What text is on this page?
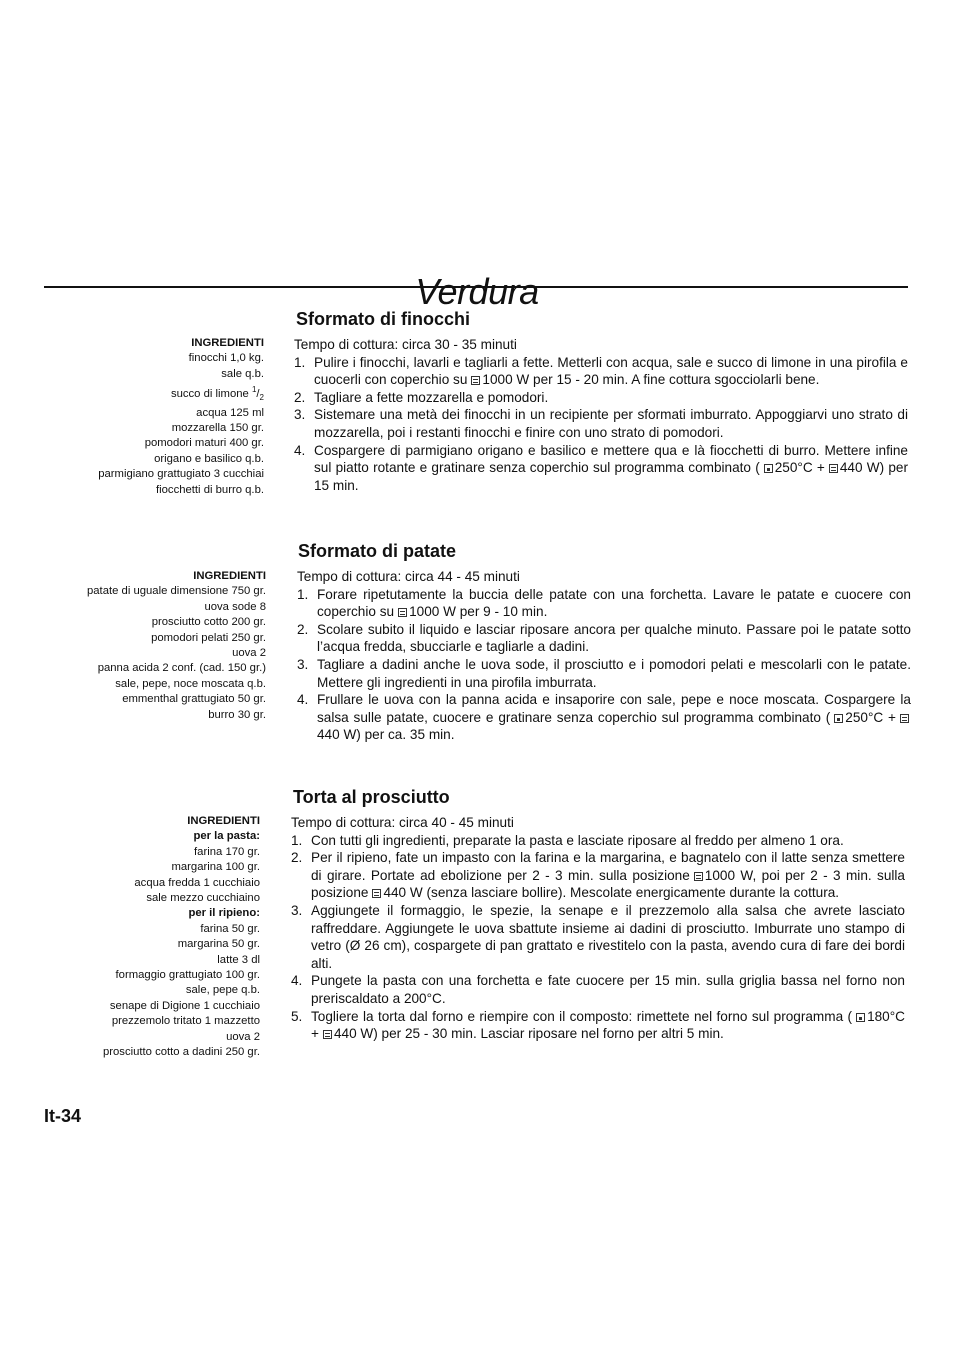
Verdura
Sformato di finocchi
INGREDIENTI
finocchi 1,0 kg.
sale q.b.
succo di limone $^1/_2$
acqua 125 ml
mozzarella 150 gr.
pomodori maturi 400 gr.
origano e basilico q.b.
parmigiano grattugiato 3 cucchiai
fiocchetti di burro q.b.
Tempo di cottura: circa 30 - 35 minuti
1. Pulire i finocchi, lavarli e tagliarli a fette. Metterli con acqua, sale e succo di limone in una pirofila e cuocerli con coperchio su 1000 W per 15 - 20 min. A fine cottura sgocciolarli bene.
2. Tagliare a fette mozzarella e pomodori.
3. Sistemare una metà dei finocchi in un recipiente per sformati imburrato. Appoggiarvi uno strato di mozzarella, poi i restanti finocchi e finire con uno strato di pomodori.
4. Cospargere di parmigiano origano e basilico e mettere qua e là fiocchetti di burro. Mettere infine sul piatto rotante e gratinare senza coperchio sul programma combinato ( 250°C + 440 W) per 15 min.
Sformato di patate
INGREDIENTI
patate di uguale dimensione 750 gr.
uova sode 8
prosciutto cotto 200 gr.
pomodori pelati 250 gr.
uova 2
panna acida 2 conf. (cad. 150 gr.)
sale, pepe, noce moscata q.b.
emmenthal grattugiato 50 gr.
burro 30 gr.
Tempo di cottura: circa 44 - 45 minuti
1. Forare ripetutamente la buccia delle patate con una forchetta. Lavare le patate e cuocere con coperchio su 1000 W per 9 - 10 min.
2. Scolare subito il liquido e lasciar riposare ancora per qualche minuto. Passare poi le patate sotto l’acqua fredda, sbucciarle e tagliarle a dadini.
3. Tagliare a dadini anche le uova sode, il prosciutto e i pomodori pelati e mescolarli con le patate. Mettere gli ingredienti in una pirofila imburrata.
4. Frullare le uova con la panna acida e insaporire con sale, pepe e noce moscata. Cospargere la salsa sulle patate, cuocere e gratinare senza coperchio sul programma combinato ( 250°C +440 W) per ca. 35 min.
Torta al prosciutto
INGREDIENTI
per la pasta:
farina 170 gr.
margarina 100 gr.
acqua fredda 1 cucchiaio
sale mezzo cucchiaino
per il ripieno:
farina 50 gr.
margarina 50 gr.
latte 3 dl
formaggio grattugiato 100 gr.
sale, pepe q.b.
senape di Digione 1 cucchiaio
prezzemolo tritato 1 mazzetto
uova 2
prosciutto cotto a dadini 250 gr.
Tempo di cottura: circa 40 - 45 minuti
1. Con tutti gli ingredienti, preparate la pasta e lasciate riposare al freddo per almeno 1 ora.
2. Per il ripieno, fate un impasto con la farina e la margarina, e bagnatelo con il latte senza smettere di girare. Portate ad ebolizione per 2 - 3 min. sulla posizione 1000 W, poi per 2 - 3 min. sulla posizione 440 W (senza lasciare bollire). Mescolate energicamente durante la cottura.
3. Aggiungete il formaggio, le spezie, la senape e il prezzemolo alla salsa che avrete lasciato raffreddare. Aggiungete le uova sbattute insieme ai dadini di prosciutto. Imburrate uno stampo di vetro (Ø 26 cm), cospargete di pan grattato e rivestitelo con la pasta, avendo cura di fare dei bordi alti.
4. Pungete la pasta con una forchetta e fate cuocere per 15 min. sulla griglia bassa nel forno non preriscaldato a 200°C.
5. Togliere la torta dal forno e riempire con il composto: rimettete nel forno sul programma ( 180°C + 440 W) per 25 - 30 min. Lasciar riposare nel forno per altri 5 min.
It-34
